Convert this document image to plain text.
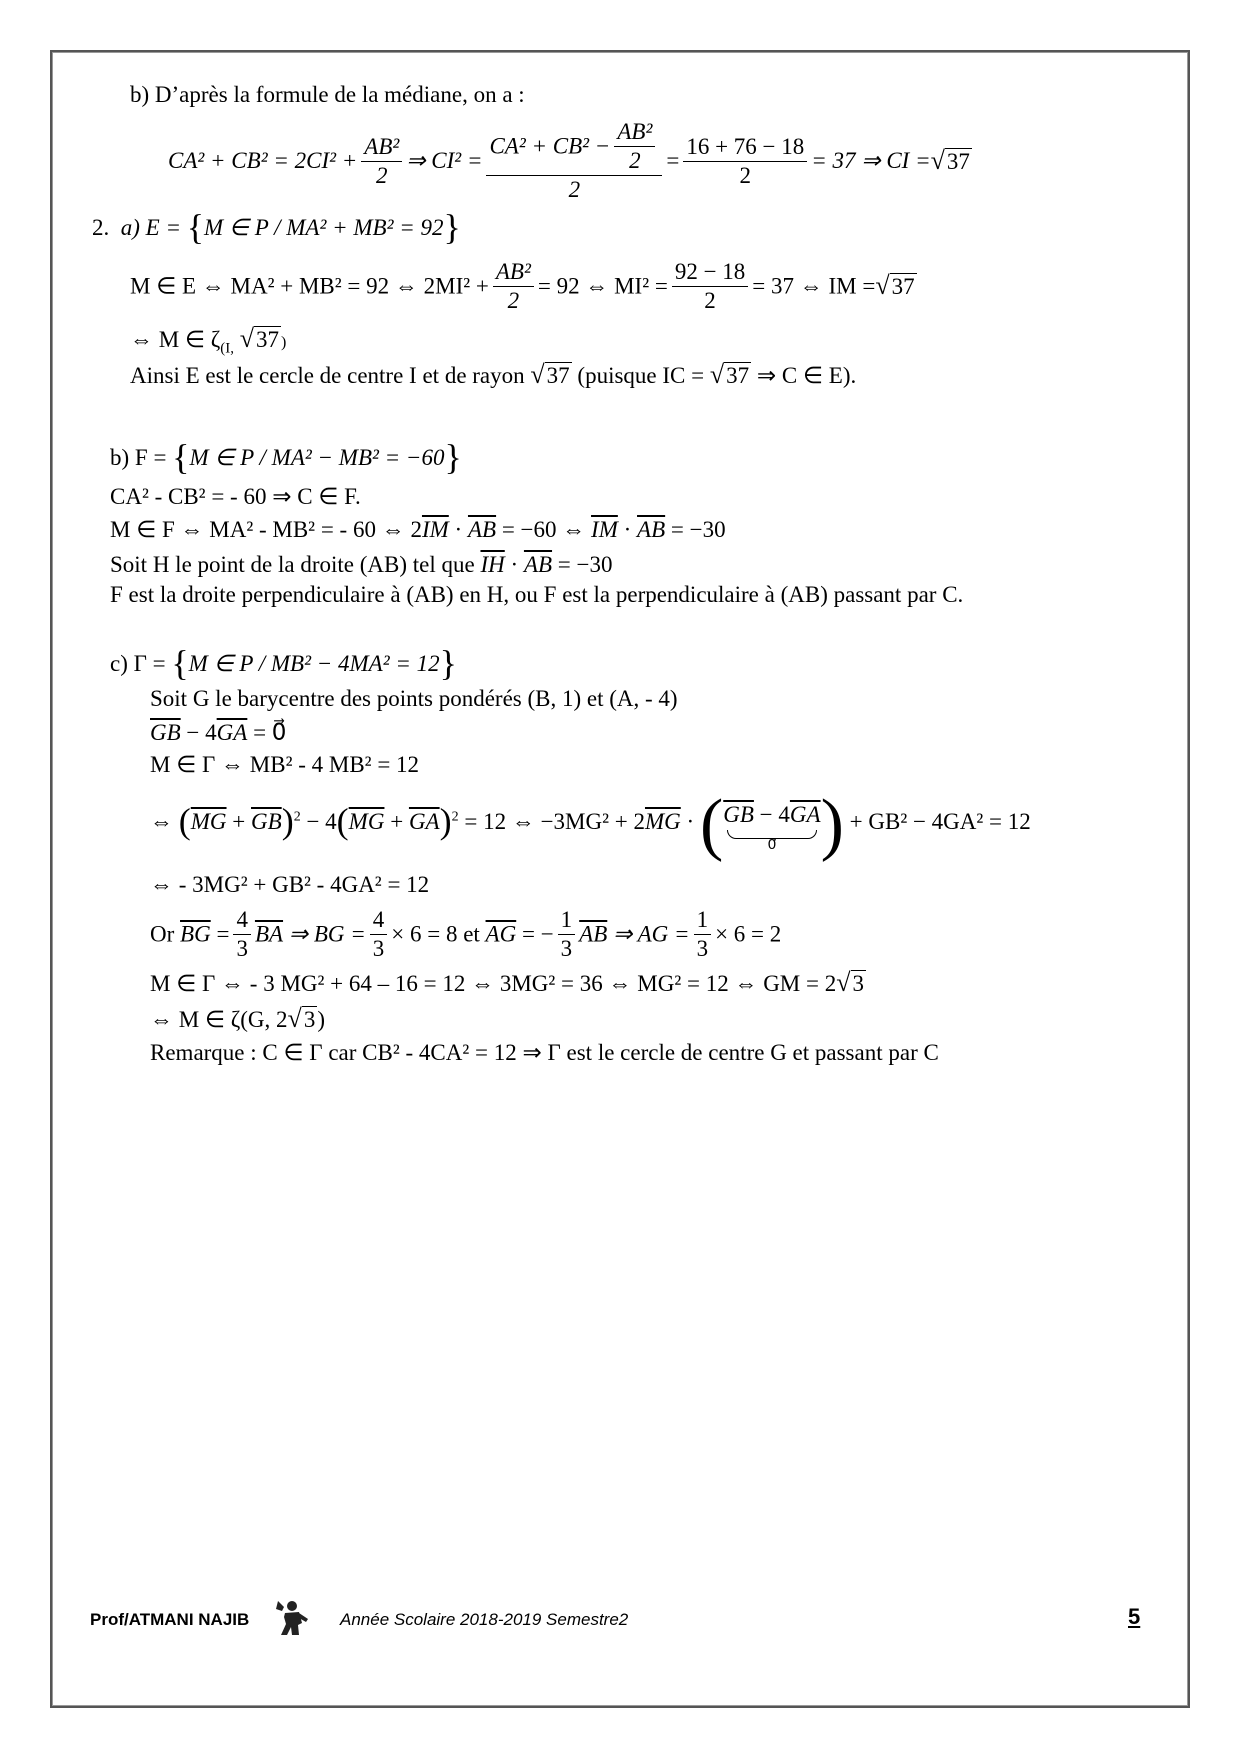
b) D’après la formule de la médiane, on a :
$CA^2 + CB^2 = 2CI^2 + \frac{\text{AB²}}{2}$ ⇒ $CI^2 = \frac{CA^2 + CB^2 - \frac{\text{AB²}}{2}}{2} = \frac{16 + 76 - 18}{2} = 37$ ⇒ CI =√37
2. a) E = {M ∈ P / MA² + MB² = 92}
M ∈ E ⇔ MA² + MB² = 92 ⇔ $2MI^2 + \frac{\text{AB²}}{2} = 92$ ⇔ $MI^2 = \frac{92 - 18}{2} = 37$ ⇔ IM =√37
⇔ M ∈ $\zeta_{(I,}$ √37 )
Ainsi E est le cercle de centre I et de rayon √37 (puisque IC = √37 ⇒ C ∈ E).
b) F = {M ∈ P / MA² − MB² = −60}
CA² - CB² = - 60 ⇒ C ∈ F.
M ∈ F ⇔ MA² - MB² = - 60 ⇔ $2\overline{IM} \cdot \overline{AB} = -60$ ⇔ $\overline{IM} \cdot \overline{AB} = -30$
Soit H le point de la droite (AB) tel que $\overline{IH} \cdot \overline{AB} = -30$
F est la droite perpendiculaire à (AB) en H, ou F est la perpendiculaire à (AB) passant par C.
c) Γ = {M ∈ P / MB² − 4MA² = 12}
Soit G le barycentre des points pondérés (B, 1) et (A, - 4)
$\overline{GB} - 4\overline{GA}$ = 0⃗
M ∈ Γ ⇔ MB² - 4 MB² = 12
⇔ $(\overline{MG} + \overline{GB})^2 - 4(\overline{MG} + \overline{GA})^2 = 12$ ⇔ $-3MG^2 + 2\overline{MG}$ · ( $\overline{GB} - 4\overline{GA}$
0⃗ ) + GB² − 4GA² = 12
⇔ - 3MG² + GB² - 4GA² = 12
Or $\overline{BG} = \frac{4}{3} \overline{BA}$ ⇒ BG = $\frac{4}{3} \times 6 = 8$ et $\overline{AG}$ = − $\frac{1}{3} \overline{AB}$ ⇒ AG = $\frac{1}{3} \times 6 = 2$
M ∈ Γ ⇔ - 3 MG² + 64 – 16 = 12 ⇔ 3MG² = 36 ⇔ MG² = 12 ⇔ GM = 2√3
⇔ M ∈ ζ(G, 2√3)
Remarque : C ∈ Γ car CB² - 4CA² = 12 ⇒ Γ est le cercle de centre G et passant par C
Prof/ATMANI NAJIB	Année Scolaire 2018-2019 Semestre2	5
